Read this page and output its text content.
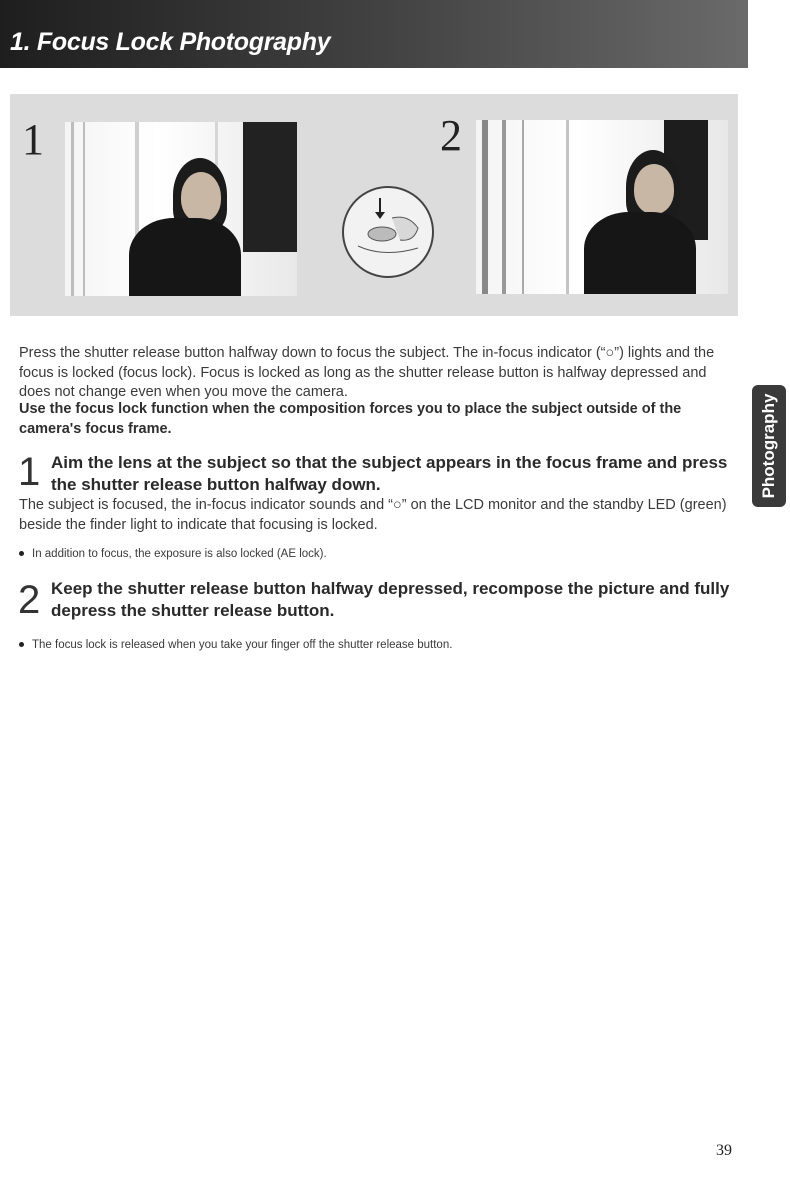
1. Focus Lock Photography
1	2
Press the shutter release button halfway down to focus the subject. The in-focus indicator (“○”) lights and the focus is locked (focus lock). Focus is locked as long as the shutter release button is halfway depressed and does not change even when you move the camera.
Use the focus lock function when the composition forces you to place the subject outside of the camera's focus frame.	Photography
1 Aim the lens at the subject so that the subject appears in the focus frame and press the shutter release button halfway down.
The subject is focused, the in-focus indicator sounds and “○” on the LCD monitor and the standby LED (green) beside the finder light to indicate that focusing is locked.
In addition to focus, the exposure is also locked (AE lock).
2 Keep the shutter release button halfway depressed, recompose the picture and fully depress the shutter release button.
The focus lock is released when you take your finger off the shutter release button.
39
